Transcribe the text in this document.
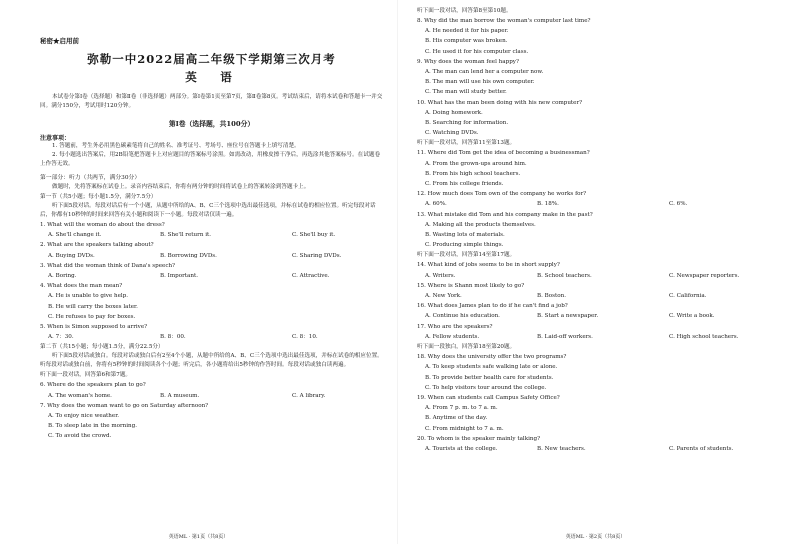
秘密★启用前
弥勒一中2022届高二年级下学期第三次月考
英　语
本试卷分第Ⅰ卷（选择题）和第Ⅱ卷（非选择题）两部分。第Ⅰ卷第1页至第7页，第Ⅱ卷第8页。考试结束后，请将本试卷和答题卡一并交回。满分150分，考试用时120分钟。
第Ⅰ卷（选择题，共100分）
注意事项：
1. 答题前，考生务必用黑色碳素笔将自己的姓名、准考证号、考场号、座位号在答题卡上填写清楚。
2. 每小题选出答案后，用2B铅笔把答题卡上对应题目的答案标号涂黑。如需改动，用橡皮擦干净后，再选涂其他答案标号。在试题卷上作答无效。
第一部分：听力（共两节，满分30分）
做题时，先将答案标在试卷上。录音内容结束后，你将有两分钟的时间将试卷上的答案转涂到答题卡上。
第一节（共5小题；每小题1.5分，满分7.5分）
听下面5段对话。每段对话后有一个小题，从题中所给的A、B、C三个选项中选出最佳选项，并标在试卷的相应位置。听完每段对话后，你都有10秒钟的时间来回答有关小题和阅读下一小题。每段对话仅读一遍。
1. What will the woman do about the dress?
A. She'll change it.	B. She'll return it.	C. She'll buy it.
2. What are the speakers talking about?
A. Buying DVDs.	B. Borrowing DVDs.	C. Sharing DVDs.
3. What did the woman think of Dana's speech?
A. Boring.	B. Important.	C. Attractive.
4. What does the man mean?
A. He is unable to give help.
B. He will carry the boxes later.
C. He refuses to pay for boxes.
5. When is Simon supposed to arrive?
A. 7：30.	B. 8：00.	C. 8：10.
第二节（共15小题；每小题1.5分，满分22.5分）
听下面5段对话或独白。每段对话或独白后有2至4个小题，从题中所给的A、B、C三个选项中选出最佳选项，并标在试卷的相应位置。听每段对话或独白前，你将有5秒钟的时间阅读各个小题；听完后，各小题将给出5秒钟的作答时间。每段对话或独白读两遍。
听下面一段对话，回答第6和第7题。
6. Where do the speakers plan to go?
A. The woman's home.	B. A museum.	C. A library.
7. Why does the woman want to go on Saturday afternoon?
A. To enjoy nice weather.
B. To sleep late in the morning.
C. To avoid the crowd.
英语ML · 第1页（共8页）
听下面一段对话，回答第8至第10题。
8. Why did the man borrow the woman's computer last time?
A. He needed it for his paper.
B. His computer was broken.
C. He used it for his computer class.
9. Why does the woman feel happy?
A. The man can lend her a computer now.
B. The man will use his own computer.
C. The man will study better.
10. What has the man been doing with his new computer?
A. Doing homework.
B. Searching for information.
C. Watching DVDs.
听下面一段对话，回答第11至第13题。
11. Where did Tom get the idea of becoming a businessman?
A. From the grown-ups around him.
B. From his high school teachers.
C. From his college friends.
12. How much does Tom own of the company he works for?
A. 60%.	B. 18%.	C. 6%.
13. What mistake did Tom and his company make in the past?
A. Making all the products themselves.
B. Wasting lots of materials.
C. Producing simple things.
听下面一段对话，回答第14至第17题。
14. What kind of jobs seems to be in short supply?
A. Writers.	B. School teachers.	C. Newspaper reporters.
15. Where is Shann most likely to go?
A. New York.	B. Boston.	C. California.
16. What does James plan to do if he can't find a job?
A. Continue his education.	B. Start a newspaper.	C. Write a book.
17. Who are the speakers?
A. Fellow students.	B. Laid-off workers.	C. High school teachers.
听下面一段独白，回答第18至第20题。
18. Why does the university offer the two programs?
A. To keep students safe walking late or alone.
B. To provide better health care for students.
C. To help visitors tour around the college.
19. When can students call Campus Safety Office?
A. From 7 p. m. to 7 a. m.
B. Anytime of the day.
C. From midnight to 7 a. m.
20. To whom is the speaker mainly talking?
A. Tourists at the college.	B. New teachers.	C. Parents of students.
英语ML · 第2页（共8页）
